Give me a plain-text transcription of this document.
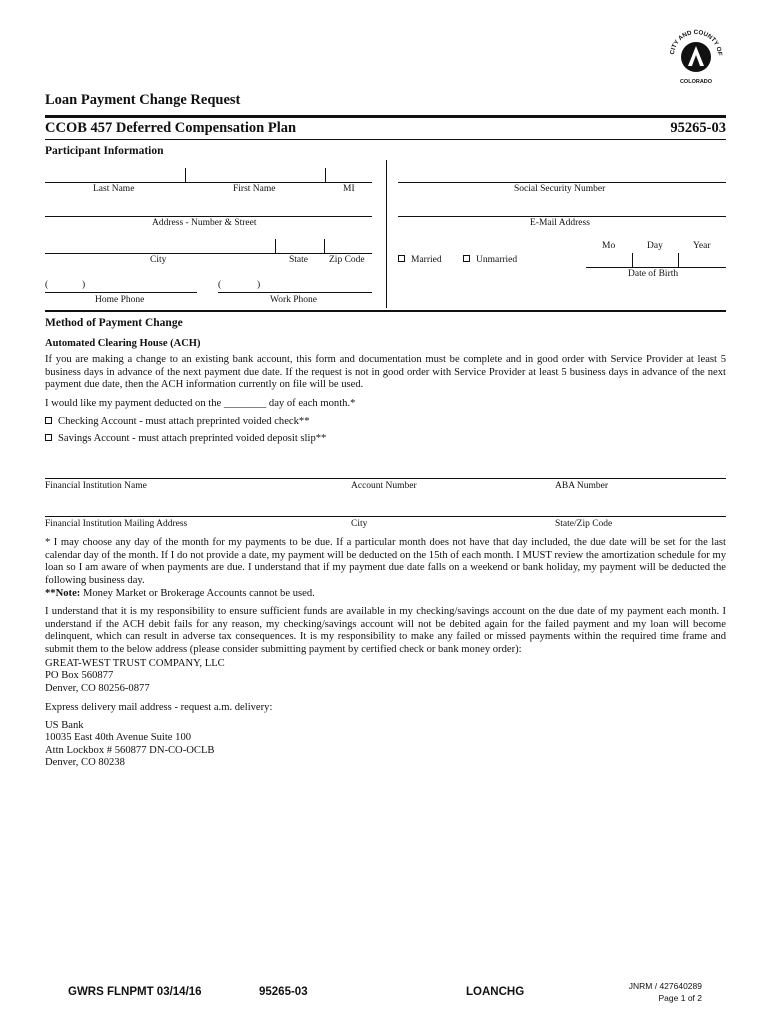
CITY AND COUNTY OF
COLORADO
Loan Payment Change Request
CCOB 457 Deferred Compensation Plan	95265-03
Participant Information
Last Name	First Name	MI
Address - Number & Street
City	State Zip Code
(	)	(	)
Home Phone	Work Phone
Social Security Number
E-Mail Address
Married	Unmarried
Mo	Day	Year
Date of Birth
Method of Payment Change
Automated Clearing House (ACH)
If you are making a change to an existing bank account, this form and documentation must be complete and in good order with Service Provider at least 5 business days in advance of the next payment due date. If the request is not in good order with Service Provider at least 5 business days in advance of the next payment due date, then the ACH information currently on file will be used.
I would like my payment deducted on the ________ day of each month.*
Checking Account - must attach preprinted voided check**
Savings Account - must attach preprinted voided deposit slip**
Financial Institution Name	Account Number	ABA Number
Financial Institution Mailing Address	City	State/Zip Code
* I may choose any day of the month for my payments to be due. If a particular month does not have that day included, the due date will be set for the last calendar day of the month. If I do not provide a date, my payment will be deducted on the 15th of each month. I MUST review the amortization schedule for my loan so I am aware of when payments are due. I understand that if my payment due date falls on a weekend or bank holiday, my payment will be deducted the following business day.
**Note: Money Market or Brokerage Accounts cannot be used.
I understand that it is my responsibility to ensure sufficient funds are available in my checking/savings account on the due date of my payment each month. I understand if the ACH debit fails for any reason, my checking/savings account will not be debited again for the failed payment and my loan will become delinquent, which can result in adverse tax consequences. It is my responsibility to make any failed or missed payments within the required time frame and submit them to the below address (please consider submitting payment by certified check or bank money order):
GREAT-WEST TRUST COMPANY, LLC
PO Box 560877
Denver, CO 80256-0877
Express delivery mail address - request a.m. delivery:
US Bank
10035 East 40th Avenue Suite 100
Attn Lockbox # 560877 DN-CO-OCLB
Denver, CO 80238
GWRS FLNPMT 03/14/16	95265-03	LOANCHG	JNRM / 427640289
Page 1 of 2
